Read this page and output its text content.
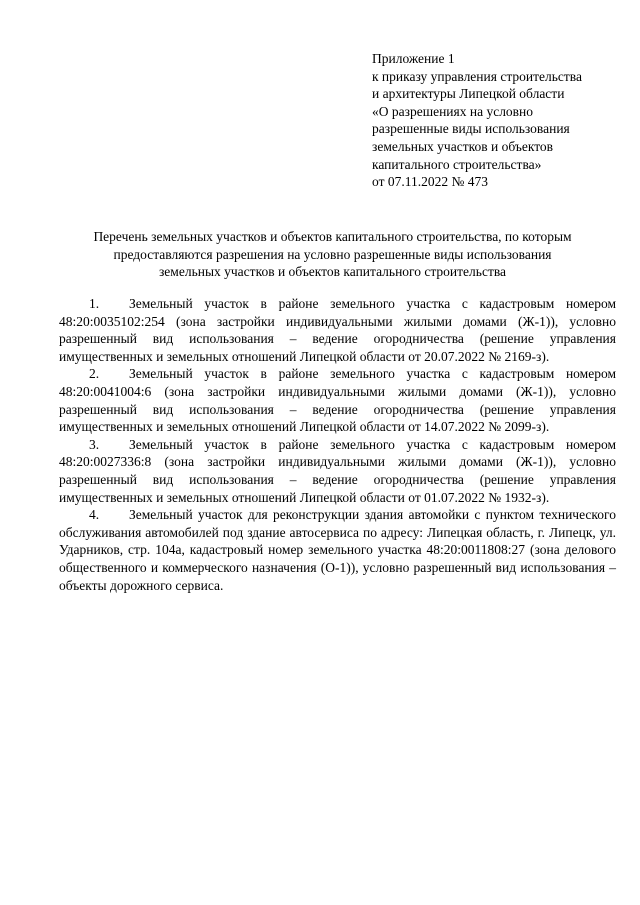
Приложение 1
к приказу управления строительства
и архитектуры Липецкой области
«О разрешениях на условно
разрешенные виды использования
земельных участков и объектов
капитального строительства»
от 07.11.2022 № 473
Перечень земельных участков и объектов капитального строительства, по которым
предоставляются разрешения на условно разрешенные виды использования
земельных участков и объектов капитального строительства

1. Земельный участок в районе земельного участка с кадастровым номером 48:20:0035102:254 (зона застройки индивидуальными жилыми домами (Ж-1)), условно разрешенный вид использования – ведение огородничества (решение управления имущественных и земельных отношений Липецкой области от 20.07.2022 № 2169-з).

2. Земельный участок в районе земельного участка с кадастровым номером 48:20:0041004:6 (зона застройки индивидуальными жилыми домами (Ж-1)), условно разрешенный вид использования – ведение огородничества (решение управления имущественных и земельных отношений Липецкой области от 14.07.2022 № 2099-з).

3. Земельный участок в районе земельного участка с кадастровым номером 48:20:0027336:8 (зона застройки индивидуальными жилыми домами (Ж-1)), условно разрешенный вид использования – ведение огородничества (решение управления имущественных и земельных отношений Липецкой области от 01.07.2022 № 1932-з).

4. Земельный участок для реконструкции здания автомойки с пунктом технического обслуживания автомобилей под здание автосервиса по адресу: Липецкая область, г. Липецк, ул. Ударников, стр. 104а, кадастровый номер земельного участка 48:20:0011808:27 (зона делового общественного и коммерческого назначения (О-1)), условно разрешенный вид использования – объекты дорожного сервиса.
